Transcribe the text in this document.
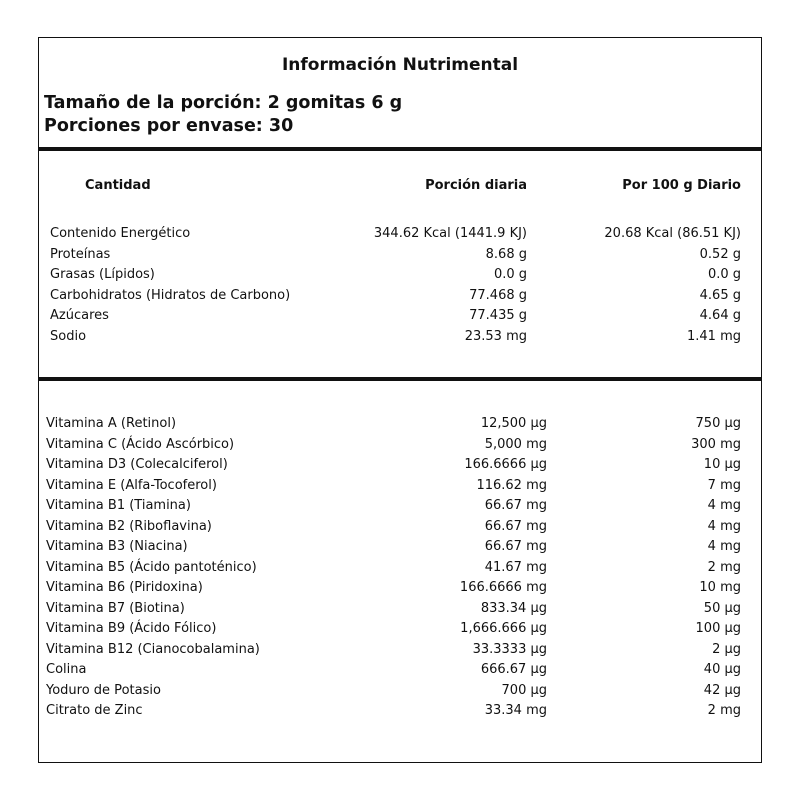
Información Nutrimental
Tamaño de la porción: 2 gomitas 6 g
Porciones por envase: 30
Cantidad	Porción diaria	Por 100 g Diario
Contenido Energético	344.62 Kcal (1441.9 KJ)	20.68 Kcal (86.51 KJ)
Proteínas	8.68 g	0.52 g
Grasas (Lípidos)	0.0 g	0.0 g
Carbohidratos (Hidratos de Carbono)	77.468 g	4.65 g
Azúcares	77.435 g	4.64 g
Sodio	23.53 mg	1.41 mg
Vitamina A (Retinol)	12,500 µg	750 µg
Vitamina C (Ácido Ascórbico)	5,000 mg	300 mg
Vitamina D3 (Colecalciferol)	166.6666 µg	10 µg
Vitamina E (Alfa-Tocoferol)	116.62 mg	7 mg
Vitamina B1 (Tiamina)	66.67 mg	4 mg
Vitamina B2 (Riboflavina)	66.67 mg	4 mg
Vitamina B3 (Niacina)	66.67 mg	4 mg
Vitamina B5 (Ácido pantoténico)	41.67 mg	2 mg
Vitamina B6 (Piridoxina)	166.6666 mg	10 mg
Vitamina B7 (Biotina)	833.34 µg	50 µg
Vitamina B9 (Ácido Fólico)	1,666.666 µg	100 µg
Vitamina B12 (Cianocobalamina)	33.3333 µg	2 µg
Colina	666.67 µg	40 µg
Yoduro de Potasio	700 µg	42 µg
Citrato de Zinc	33.34 mg	2 mg
